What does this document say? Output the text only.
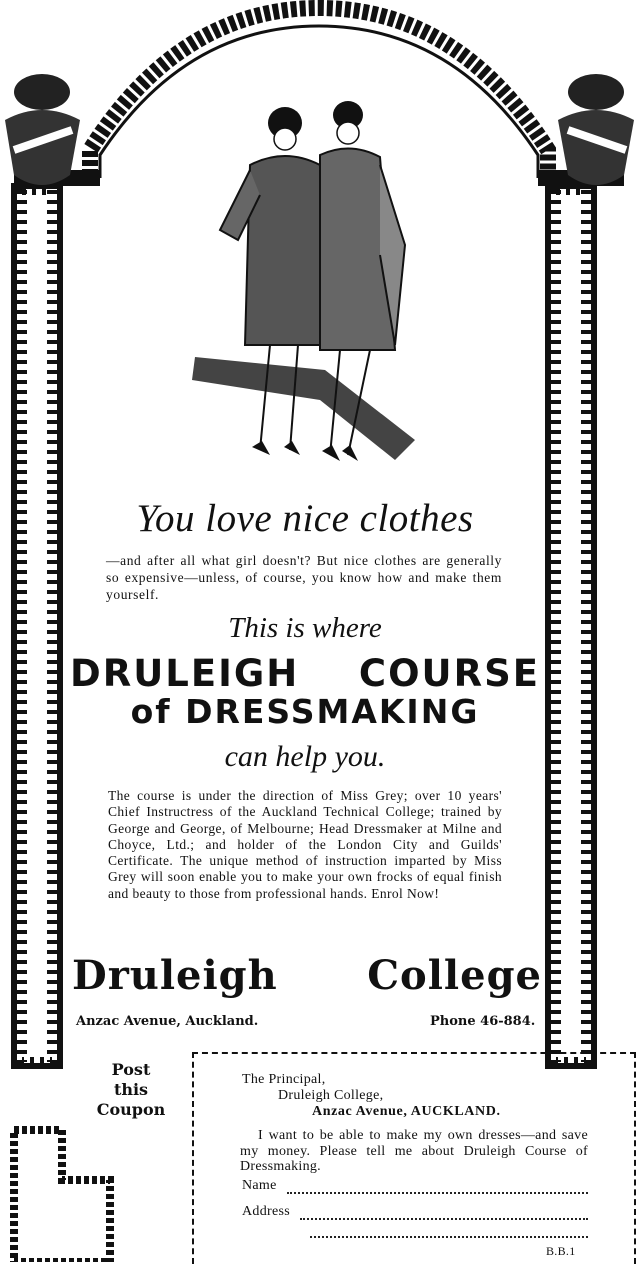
You love nice clothes
—and after all what girl doesn't? But nice clothes are generally so expensive—unless, of course, you know how and make them yourself.
This is where
DRULEIGH COURSE
of DRESSMAKING
can help you.
The course is under the direction of Miss Grey; over 10 years' Chief Instructress of the Auckland Technical College; trained by George and George, of Melbourne; Head Dressmaker at Milne and Choyce, Ltd.; and holder of the London City and Guilds' Certificate. The unique method of instruction imparted by Miss Grey will soon enable you to make your own frocks of equal finish and beauty to those from professional hands. Enrol Now!
Druleigh College
Anzac Avenue, Auckland.	Phone 46-884.
Post
this
Coupon
The Principal,
Druleigh College,
Anzac Avenue, AUCKLAND.
I want to be able to make my own dresses—and save my money. Please tell me about Druleigh Course of Dressmaking.
Name
Address
B.B.1
